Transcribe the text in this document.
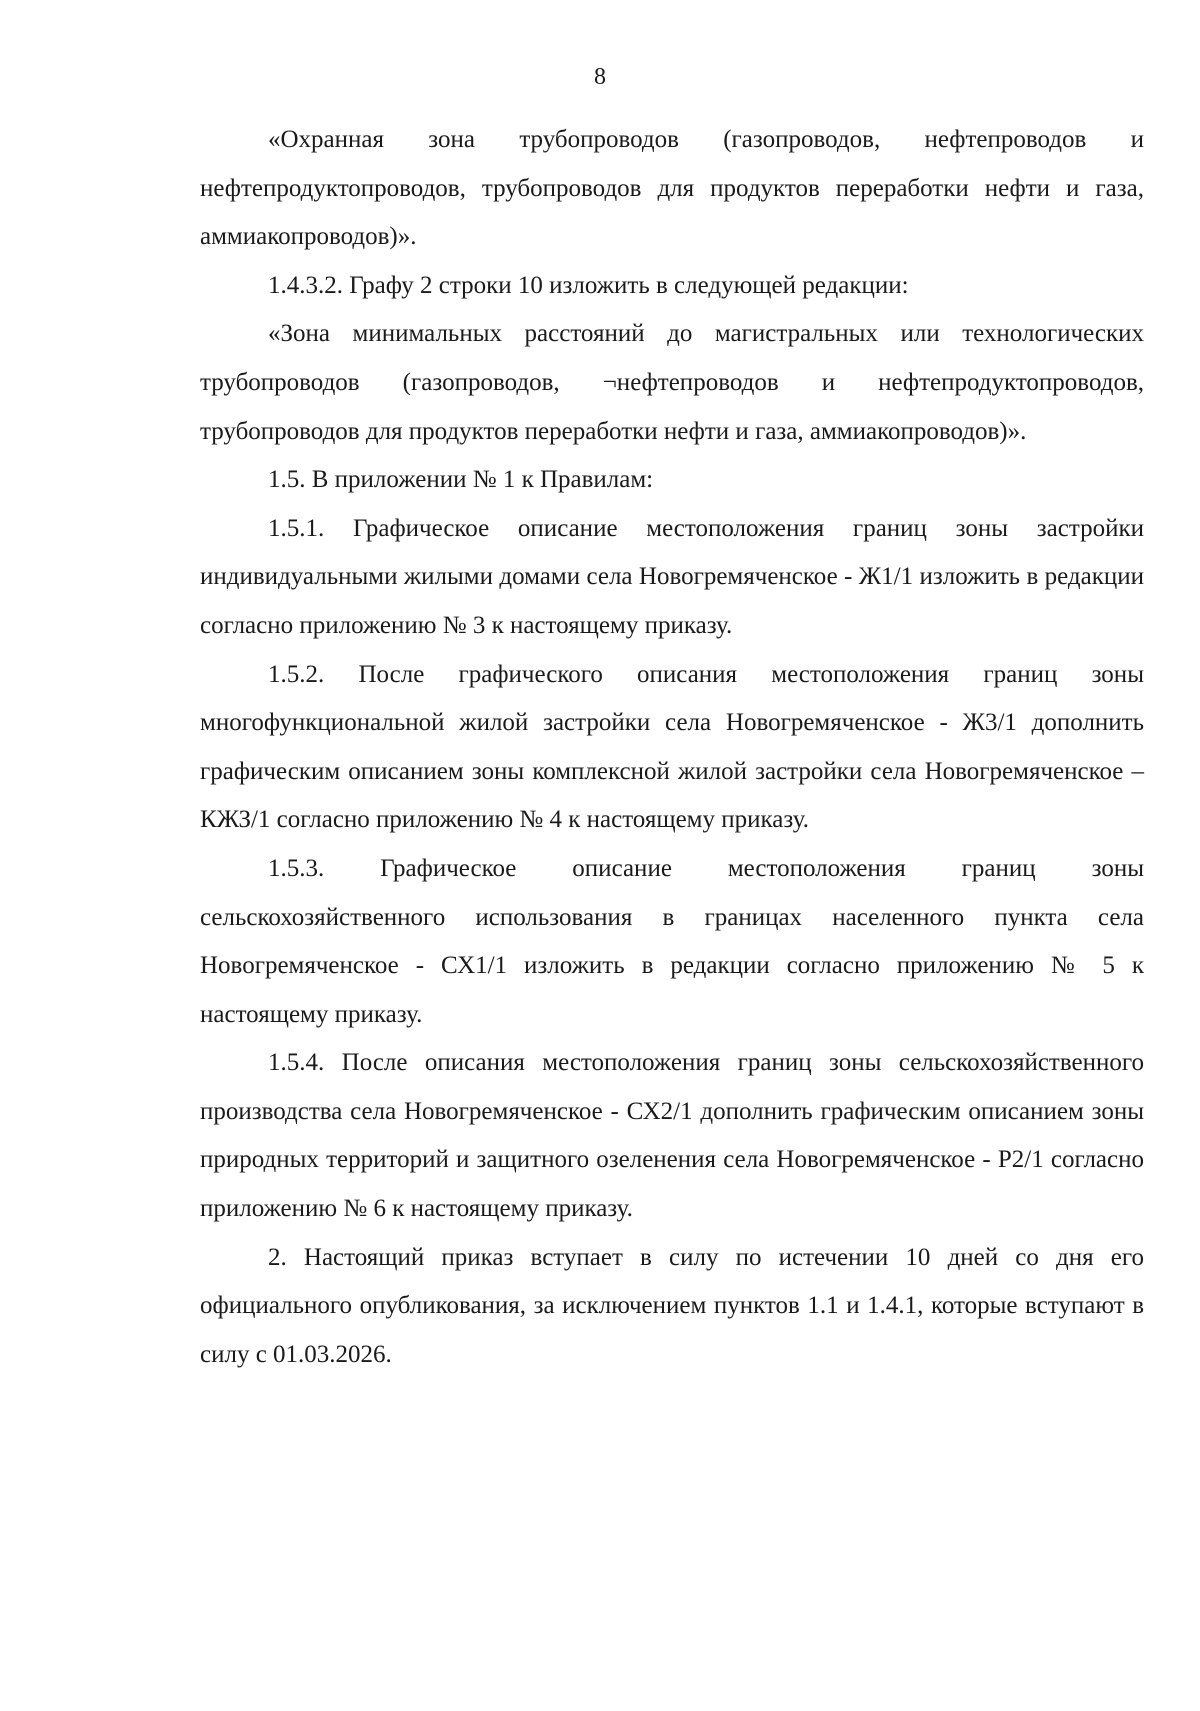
8

«Охранная зона трубопроводов (газопроводов, нефтепроводов и нефтепродуктопроводов, трубопроводов для продуктов переработки нефти и газа, аммиакопроводов)».

1.4.3.2. Графу 2 строки 10 изложить в следующей редакции:

«Зона минимальных расстояний до магистральных или технологических трубопроводов (газопроводов, ¬нефтепроводов и нефтепродуктопроводов, трубопроводов для продуктов переработки нефти и газа, аммиакопроводов)».

1.5. В приложении № 1 к Правилам:

1.5.1. Графическое описание местоположения границ зоны застройки индивидуальными жилыми домами села Новогремяченское - Ж1/1 изложить в редакции согласно приложению № 3 к настоящему приказу.

1.5.2. После графического описания местоположения границ зоны многофункциональной жилой застройки села Новогремяченское - Ж3/1 дополнить графическим описанием зоны комплексной жилой застройки села Новогремяченское – КЖЗ/1 согласно приложению № 4 к настоящему приказу.

1.5.3. Графическое описание местоположения границ зоны сельскохозяйственного использования в границах населенного пункта села Новогремяченское - СХ1/1 изложить в редакции согласно приложению № 5 к настоящему приказу.

1.5.4. После описания местоположения границ зоны сельскохозяйственного производства села Новогремяченское - СХ2/1 дополнить графическим описанием зоны природных территорий и защитного озеленения села Новогремяченское - Р2/1 согласно приложению № 6 к настоящему приказу.

2. Настоящий приказ вступает в силу по истечении 10 дней со дня его официального опубликования, за исключением пунктов 1.1 и 1.4.1, которые вступают в силу с 01.03.2026.
